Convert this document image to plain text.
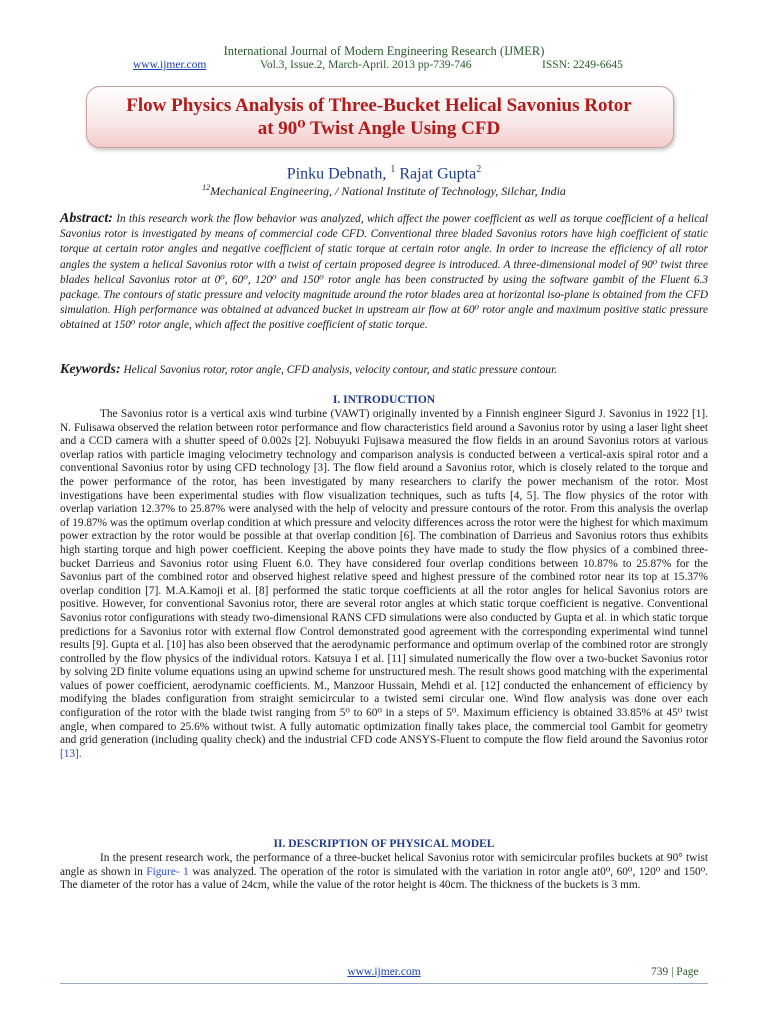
International Journal of Modern Engineering Research (IJMER)
www.ijmer.com	Vol.3, Issue.2, March-April. 2013 pp-739-746	ISSN: 2249-6645
Flow Physics Analysis of Three-Bucket Helical Savonius Rotor
at 90⁰ Twist Angle Using CFD
Pinku Debnath, $^1$ Rajat Gupta$^2$
$^{12}$Mechanical Engineering, / National Institute of Technology, Silchar, India
Abstract: In this research work the flow behavior was analyzed, which affect the power coefficient as well as torque coefficient of a helical Savonius rotor is investigated by means of commercial code CFD. Conventional three bladed Savonius rotors have high coefficient of static torque at certain rotor angles and negative coefficient of static torque at certain rotor angle. In order to increase the efficiency of all rotor angles the system a helical Savonius rotor with a twist of certain proposed degree is introduced. A three-dimensional model of 90⁰ twist three blades helical Savonius rotor at 0⁰, 60⁰, 120⁰ and 150⁰ rotor angle has been constructed by using the software gambit of the Fluent 6.3 package. The contours of static pressure and velocity magnitude around the rotor blades area at horizontal iso-plane is obtained from the CFD simulation. High performance was obtained at advanced bucket in upstream air flow at 60⁰ rotor angle and maximum positive static pressure obtained at 150⁰ rotor angle, which affect the positive coefficient of static torque.
Keywords: Helical Savonius rotor, rotor angle, CFD analysis, velocity contour, and static pressure contour.
I. INTRODUCTION
The Savonius rotor is a vertical axis wind turbine (VAWT) originally invented by a Finnish engineer Sigurd J. Savonius in 1922 [1]. N. Fulisawa observed the relation between rotor performance and flow characteristics field around a Savonius rotor by using a laser light sheet and a CCD camera with a shutter speed of 0.002s [2]. Nobuyuki Fujisawa measured the flow fields in an around Savonius rotors at various overlap ratios with particle imaging velocimetry technology and comparison analysis is conducted between a vertical-axis spiral rotor and a conventional Savonius rotor by using CFD technology [3]. The flow field around a Savonius rotor, which is closely related to the torque and the power performance of the rotor, has been investigated by many researchers to clarify the power mechanism of the rotor. Most investigations have been experimental studies with flow visualization techniques, such as tufts [4, 5]. The flow physics of the rotor with overlap variation 12.37% to 25.87% were analysed with the help of velocity and pressure contours of the rotor. From this analysis the overlap of 19.87% was the optimum overlap condition at which pressure and velocity differences across the rotor were the highest for which maximum power extraction by the rotor would be possible at that overlap condition [6]. The combination of Darrieus and Savonius rotors thus exhibits high starting torque and high power coefficient. Keeping the above points they have made to study the flow physics of a combined three-bucket Darrieus and Savonius rotor using Fluent 6.0. They have considered four overlap conditions between 10.87% to 25.87% for the Savonius part of the combined rotor and observed highest relative speed and highest pressure of the combined rotor near its top at 15.37% overlap condition [7]. M.A.Kamoji et al. [8] performed the static torque coefficients at all the rotor angles for helical Savonius rotors are positive. However, for conventional Savonius rotor, there are several rotor angles at which static torque coefficient is negative. Conventional Savonius rotor configurations with steady two-dimensional RANS CFD simulations were also conducted by Gupta et al. in which static torque predictions for a Savonius rotor with external flow Control demonstrated good agreement with the corresponding experimental wind tunnel results [9]. Gupta et al. [10] has also been observed that the aerodynamic performance and optimum overlap of the combined rotor are strongly controlled by the flow physics of the individual rotors. Katsuya I et al. [11] simulated numerically the flow over a two-bucket Savonius rotor by solving 2D finite volume equations using an upwind scheme for unstructured mesh. The result shows good matching with the experimental values of power coefficient, aerodynamic coefficients. M., Manzoor Hussain, Mehdi et al. [12] conducted the enhancement of efficiency by modifying the blades configuration from straight semicircular to a twisted semi circular one. Wind flow analysis was done over each configuration of the rotor with the blade twist ranging from 5⁰ to 60⁰ in a steps of 5⁰. Maximum efficiency is obtained 33.85% at 45⁰ twist angle, when compared to 25.6% without twist. A fully automatic optimization finally takes place, the commercial tool Gambit for geometry and grid generation (including quality check) and the industrial CFD code ANSYS-Fluent to compute the flow field around the Savonius rotor [13].
II. DESCRIPTION OF PHYSICAL MODEL
In the present research work, the performance of a three-bucket helical Savonius rotor with semicircular profiles buckets at 90° twist angle as shown in Figure- 1 was analyzed. The operation of the rotor is simulated with the variation in rotor angle at0⁰, 60⁰, 120⁰ and 150⁰. The diameter of the rotor has a value of 24cm, while the value of the rotor height is 40cm. The thickness of the buckets is 3 mm.
www.ijmer.com	739 | Page
